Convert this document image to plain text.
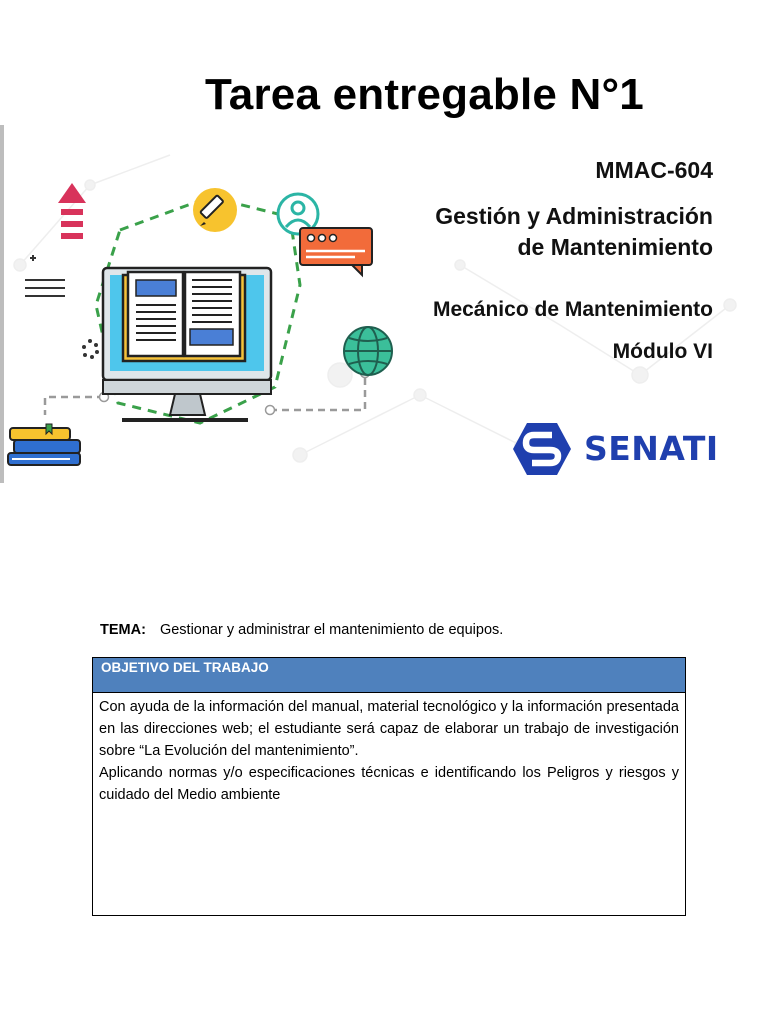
Tarea entregable N°1
MMAC-604
Gestión y Administración
de Mantenimiento
Mecánico de Mantenimiento
Módulo VI
SENATI
TEMA: Gestionar y administrar el mantenimiento de equipos.
OBJETIVO DEL TRABAJO

Con ayuda de la información del manual, material tecnológico y la información presentada en las direcciones web; el estudiante será capaz de elaborar un trabajo de investigación sobre “La Evolución del mantenimiento”.

Aplicando normas y/o especificaciones técnicas e identificando los Peligros y riesgos y cuidado del Medio ambiente
